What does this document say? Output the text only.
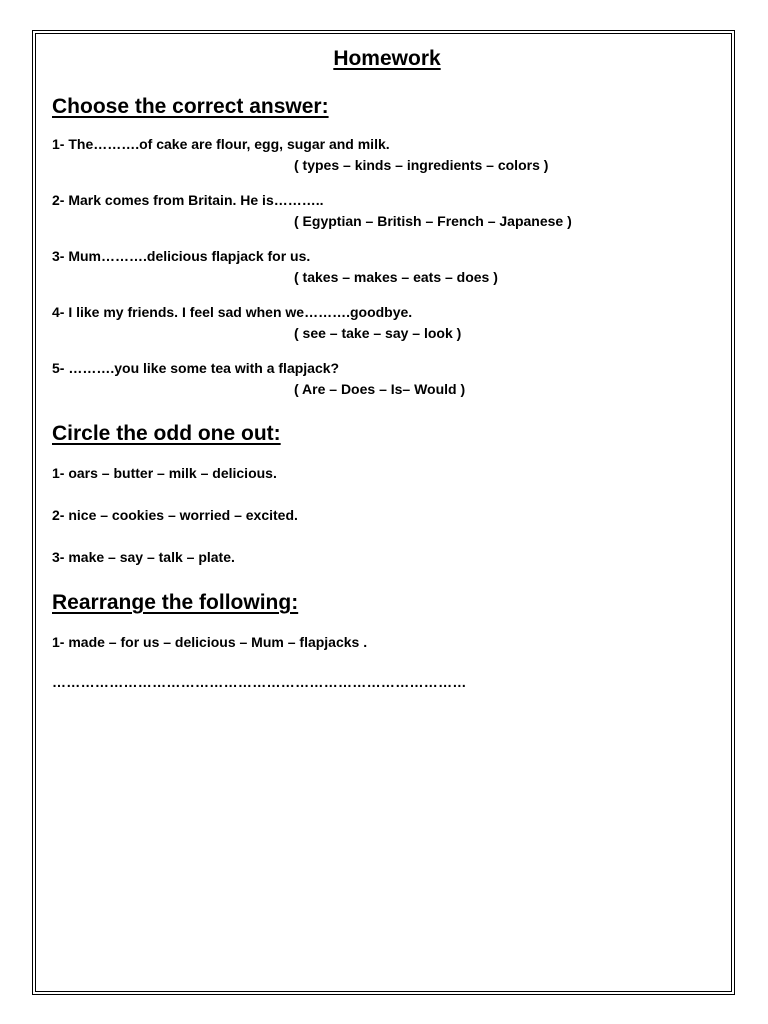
Homework
Choose the correct answer:

1- The……….of cake are flour, egg, sugar and milk.

( types – kinds – ingredients – colors )

2- Mark comes from Britain. He is………..

( Egyptian – British – French – Japanese )

3- Mum……….delicious flapjack for us.

( takes – makes – eats – does )

4- I like my friends. I feel sad when we……….goodbye.

( see – take – say – look )

5- ……….you like some tea with a flapjack?

( Are – Does – Is– Would )

Circle the odd one out:

1- oars – butter – milk – delicious.

2- nice – cookies – worried – excited.

3- make – say – talk – plate.

Rearrange the following:

1- made – for us – delicious – Mum – flapjacks .

……………………………………………………………………………
